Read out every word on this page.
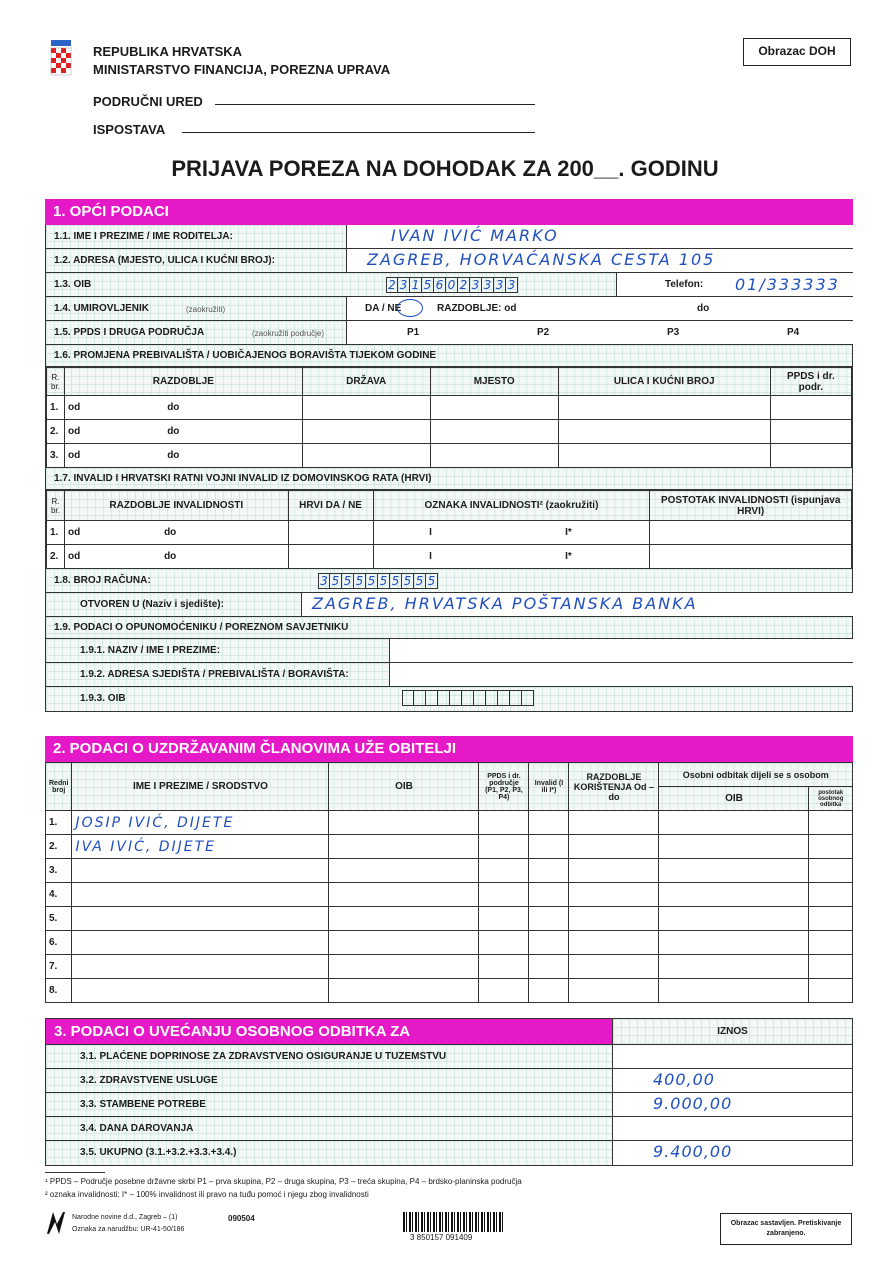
REPUBLIKA HRVATSKA
MINISTARSTVO FINANCIJA, POREZNA UPRAVA
PODRUČNI URED
ISPOSTAVA
Obrazac DOH
PRIJAVA POREZA NA DOHODAK ZA 200__. GODINU
1. OPĆI PODACI
1.1. IME I PREZIME / IME RODITELJA:	IVAN IVIĆ MARKO
1.2. ADRESA (MJESTO, ULICA I KUĆNI BROJ):	ZAGREB, HORVAĆANSKA CESTA 105
1.3. OIB	2 3 1 5 6 0 2 3 3 3 3	Telefon: 01/333333
1.4. UMIROVLJENIK	(zaokružiti)	DA / NE	RAZDOBLJE: od	do
1.5. PPDS I DRUGA PODRUČJA	(zaokružiti područje)	P1	P2	P3	P4
1.6. PROMJENA PREBIVALIŠTA / UOBIČAJENOG BORAVIŠTA TIJEKOM GODINE
R. br.	RAZDOBLJE		DRŽAVA	MJESTO	ULICA I KUĆNI BROJ	PPDS i dr. podr.
1.	od	do				
2.	od	do				
3.	od	do				
1.7. INVALID I HRVATSKI RATNI VOJNI INVALID IZ DOMOVINSKOG RATA (HRVI)
R. br.	RAZDOBLJE INVALIDNOSTI		HRVI DA / NE	OZNAKA INVALIDNOSTI² (zaokružiti)		POSTOTAK INVALIDNOSTI (ispunjava HRVI)
1.	od	do		I	I*	
2.	od	do		I	I*	
1.8. BROJ RAČUNA:	3 5 5 5 5 5 5 5 5 5
OTVOREN U (Naziv i sjedište):	ZAGREB, HRVATSKA POŠTANSKA BANKA
1.9. PODACI O OPUNOMOĆENIKU / POREZNOM SAVJETNIKU
1.9.1. NAZIV / IME I PREZIME:
1.9.2. ADRESA SJEDIŠTA / PREBIVALIŠTA / BORAVIŠTA:
1.9.3. OIB
2. PODACI O UZDRŽAVANIM ČLANOVIMA UŽE OBITELJI
Redni broj	IME I PREZIME / SRODSTVO	OIB	PPDS i dr. područje (P1, P2, P3, P4)	Invalid (I ili I*)	RAZDOBLJE KORIŠTENJA Od – do	Osobni odbitak dijeli se s osobom	
						OIB	postotak osobnog odbitka
1.	JOSIP IVIĆ, DIJETE						
2.	IVA IVIĆ, DIJETE						
3.							
4.							
5.							
6.							
7.							
8.							
3. PODACI O UVEĆANJU OSOBNOG ODBITKA ZA	IZNOS
3.1. PLAĆENE DOPRINOSE ZA ZDRAVSTVENO OSIGURANJE U TUZEMSTVU
3.2. ZDRAVSTVENE USLUGE	400,00
3.3. STAMBENE POTREBE	9.000,00
3.4. DANA DAROVANJA
3.5. UKUPNO (3.1.+3.2.+3.3.+3.4.)	9.400,00
¹ PPDS – Područje posebne državne skrbi P1 – prva skupina, P2 – druga skupina, P3 – treća skupina, P4 – brdsko-planinska područja
² oznaka invalidnosti: I* – 100% invalidnost ili pravo na tuđu pomoć i njegu zbog invalidnosti
Narodne novine d.d., Zagreb – (1)
Oznaka za narudžbu: UR-41-50/186
090504
3 850157 091409
Obrazac sastavljen. Pretiskivanje zabranjeno.
